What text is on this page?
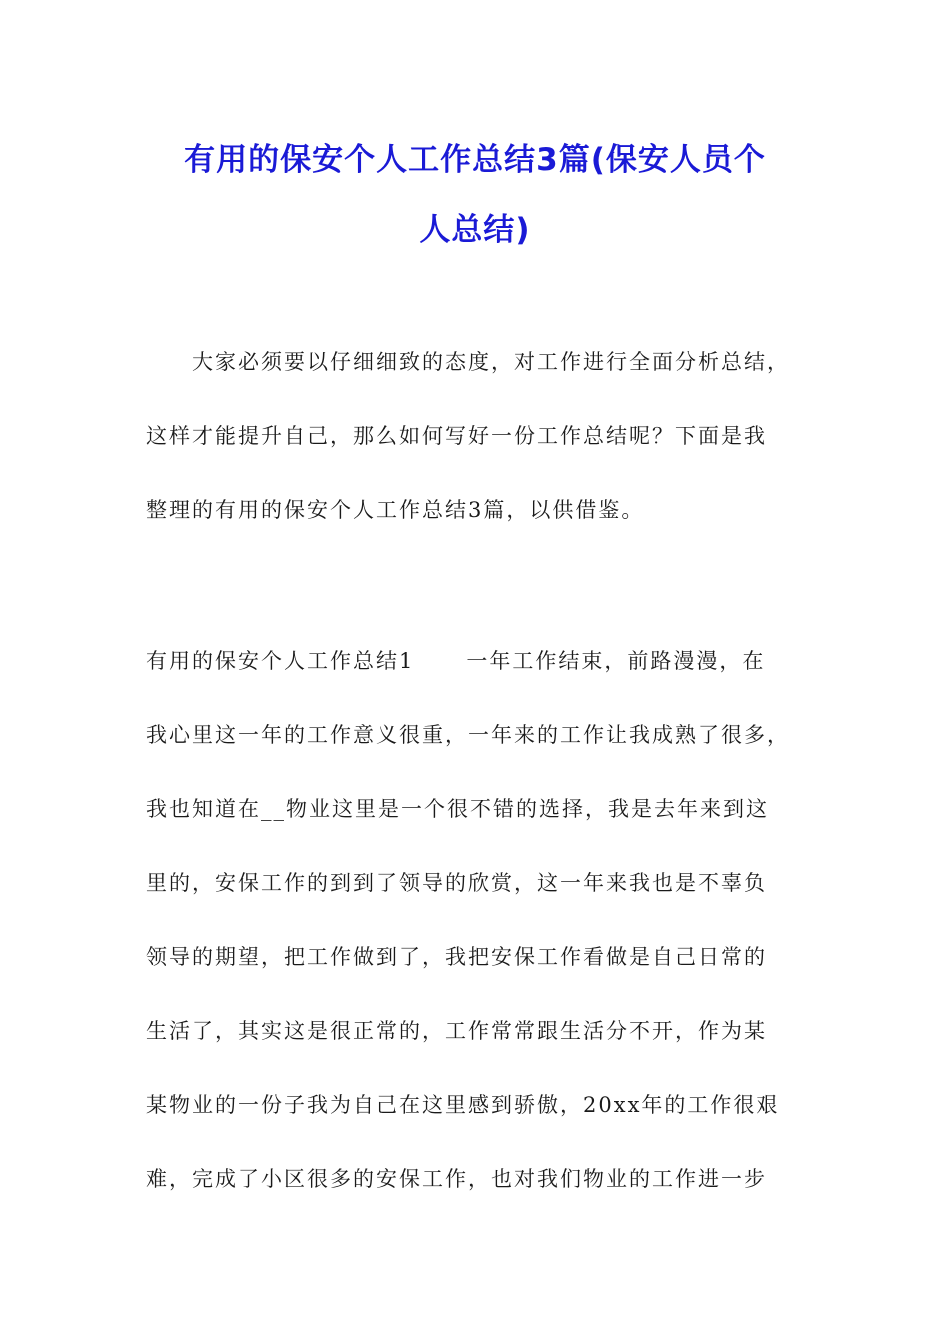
有用的保安个人工作总结3篇(保安人员个
人总结)

大家必须要以仔细细致的态度，对工作进行全面分析总结，

这样才能提升自己，那么如何写好一份工作总结呢？下面是我

整理的有用的保安个人工作总结3篇，以供借鉴。

有用的保安个人工作总结1 一年工作结束，前路漫漫，在

我心里这一年的工作意义很重，一年来的工作让我成熟了很多，

我也知道在__物业这里是一个很不错的选择，我是去年来到这

里的，安保工作的到到了领导的欣赏，这一年来我也是不辜负

领导的期望，把工作做到了，我把安保工作看做是自己日常的

生活了，其实这是很正常的，工作常常跟生活分不开，作为某

某物业的一份子我为自己在这里感到骄傲，20xx年的工作很艰

难，完成了小区很多的安保工作，也对我们物业的工作进一步
